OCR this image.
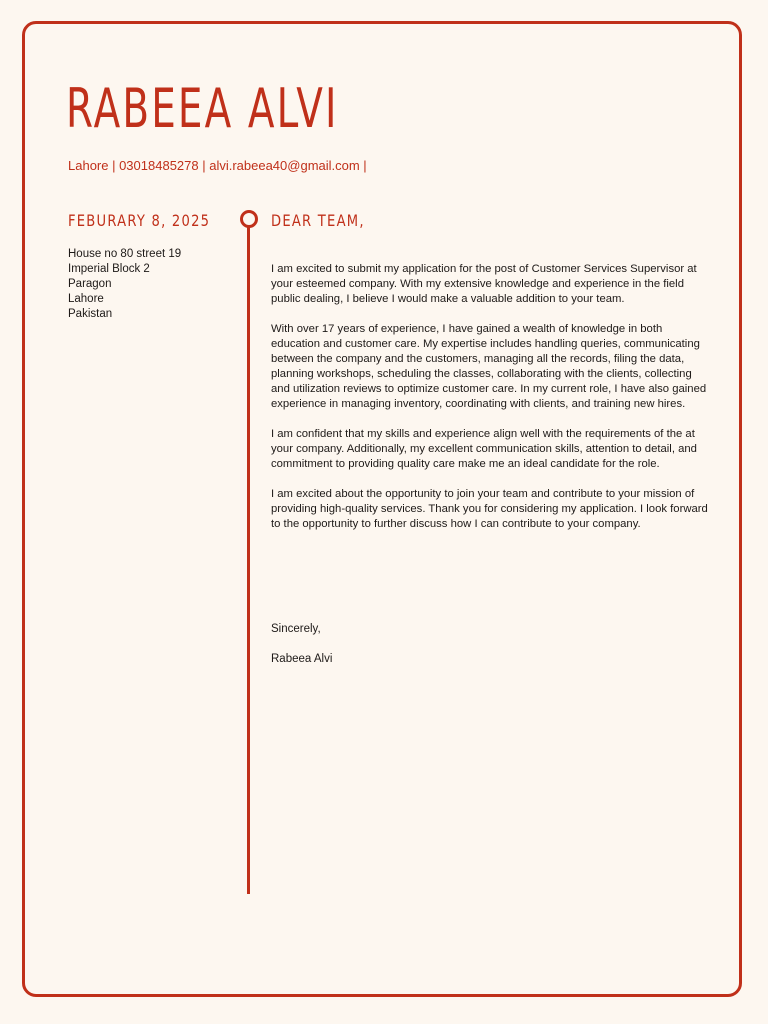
RABEEA ALVI
Lahore | 03018485278 | alvi.rabeea40@gmail.com |
FEBURARY 8, 2025
House no 80 street 19
Imperial Block 2
Paragon
Lahore
Pakistan
DEAR TEAM,

I am excited to submit my application for the post of Customer Services Supervisor at your esteemed company. With my extensive knowledge and experience in the field public dealing, I believe I would make a valuable addition to your team.

With over 17 years of experience, I have gained a wealth of knowledge in both education and customer care. My expertise includes handling queries, communicating between the company and the customers, managing all the records, filing the data, planning workshops, scheduling the classes, collaborating with the clients, collecting and utilization reviews to optimize customer care. In my current role, I have also gained experience in managing inventory, coordinating with clients, and training new hires.

I am confident that my skills and experience align well with the requirements of the at your company. Additionally, my excellent communication skills, attention to detail, and commitment to providing quality care make me an ideal candidate for the role.

I am excited about the opportunity to join your team and contribute to your mission of providing high-quality services. Thank you for considering my application. I look forward to the opportunity to further discuss how I can contribute to your company.

Sincerely,
Rabeea Alvi
